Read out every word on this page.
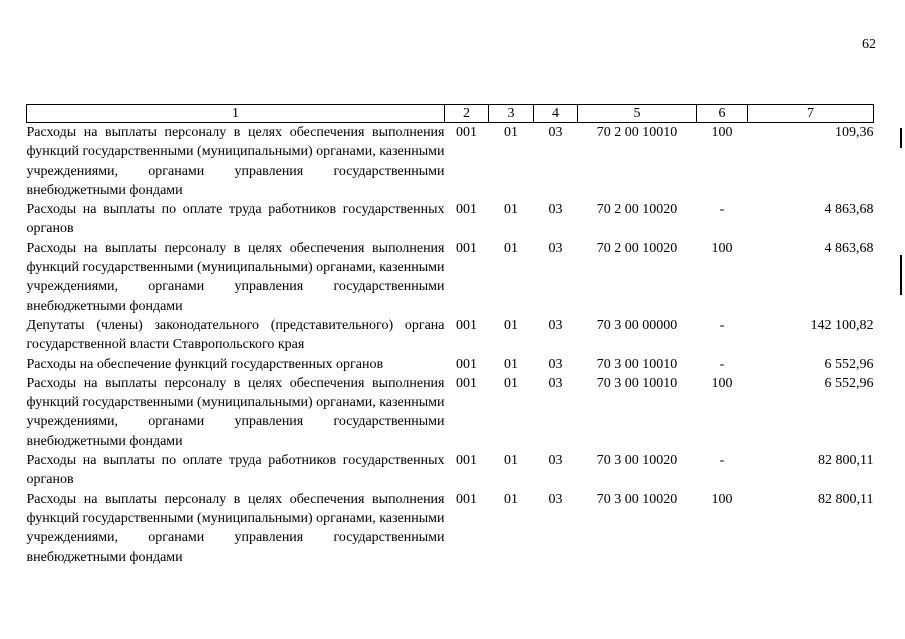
62
1	2	3	4	5	6	7
Расходы на выплаты персоналу в целях обеспечения выполнения функций государственными (муниципальными) органами, казенными учреждениями, органами управления государственными внебюджетными фондами	001	01	03	70 2 00 10010	100	109,36
Расходы на выплаты по оплате труда работников государственных органов	001	01	03	70 2 00 10020	-	4 863,68
Расходы на выплаты персоналу в целях обеспечения выполнения функций государственными (муниципальными) органами, казенными учреждениями, органами управления государственными внебюджетными фондами	001	01	03	70 2 00 10020	100	4 863,68
Депутаты (члены) законодательного (представительного) органа государственной власти Ставропольского края	001	01	03	70 3 00 00000	-	142 100,82
Расходы на обеспечение функций государственных органов	001	01	03	70 3 00 10010	-	6 552,96
Расходы на выплаты персоналу в целях обеспечения выполнения функций государственными (муниципальными) органами, казенными учреждениями, органами управления государственными внебюджетными фондами	001	01	03	70 3 00 10010	100	6 552,96
Расходы на выплаты по оплате труда работников государственных органов	001	01	03	70 3 00 10020	-	82 800,11
Расходы на выплаты персоналу в целях обеспечения выполнения функций государственными (муниципальными) органами, казенными учреждениями, органами управления государственными внебюджетными фондами	001	01	03	70 3 00 10020	100	82 800,11
